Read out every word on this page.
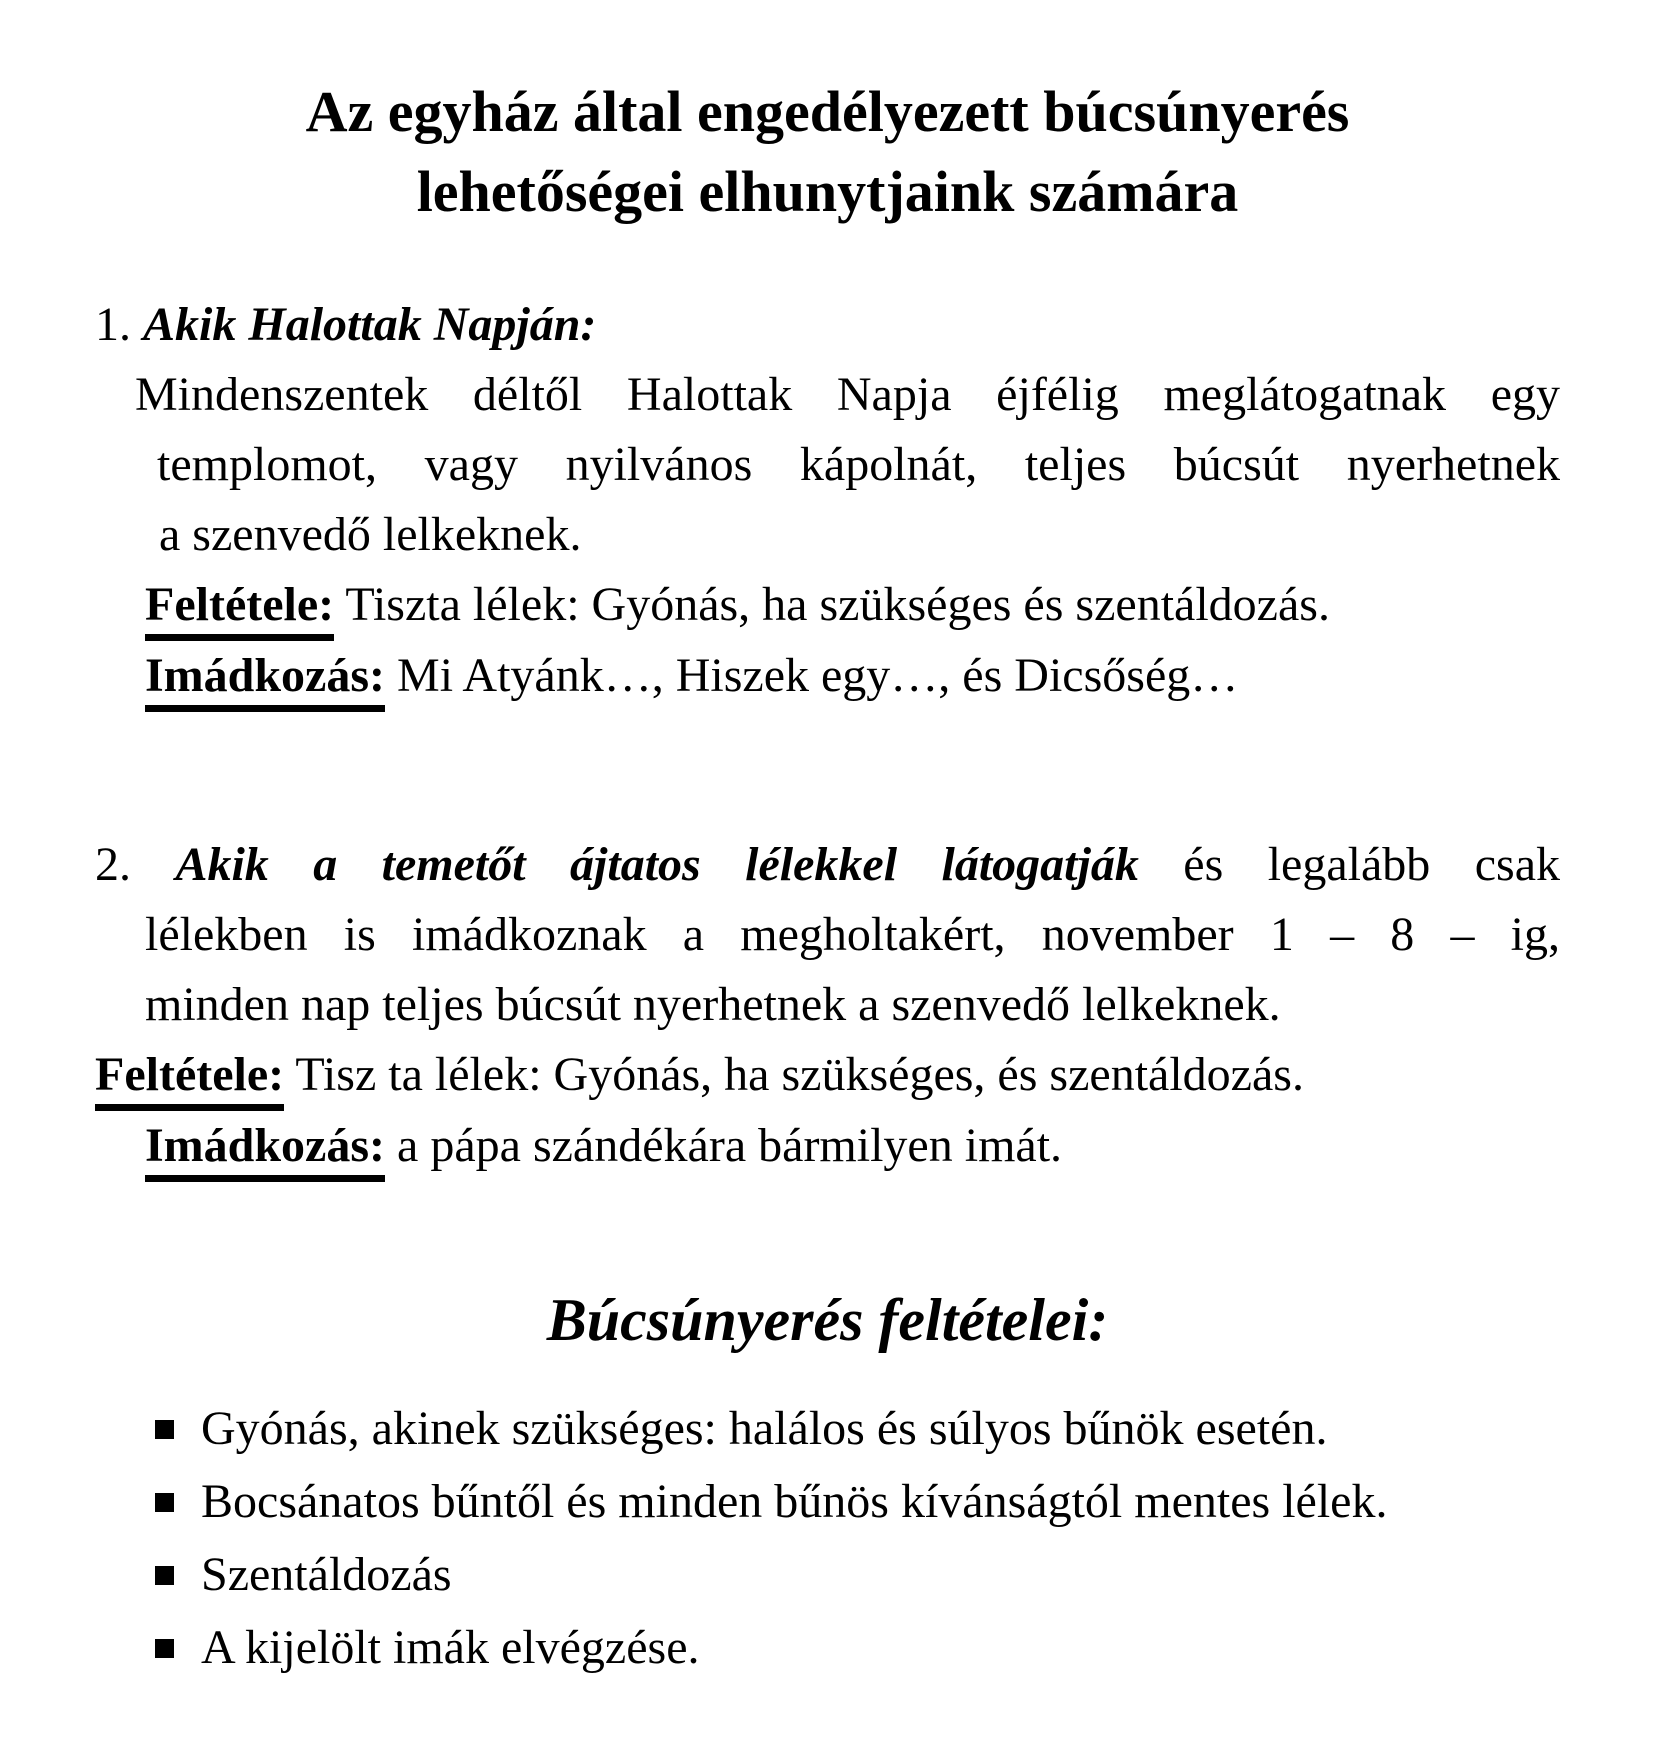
Az egyház által engedélyezett búcsúnyerés
lehetőségei elhunytjaink számára
1. Akik Halottak Napján:
Mindenszentek déltől Halottak Napja éjfélig meglátogatnak egy
templomot, vagy nyilvános kápolnát, teljes búcsút nyerhetnek
a szenvedő lelkeknek.
Feltétele: Tiszta lélek: Gyónás, ha szükséges és szentáldozás.
Imádkozás: Mi Atyánk…, Hiszek egy…, és Dicsőség…
2. Akik a temetőt ájtatos lélekkel látogatják és legalább csak
lélekben is imádkoznak a megholtakért, november 1 – 8 – ig,
minden nap teljes búcsút nyerhetnek a szenvedő lelkeknek.
Feltétele: Tisz ta lélek: Gyónás, ha szükséges, és szentáldozás.
Imádkozás: a pápa szándékára bármilyen imát.
Búcsúnyerés feltételei:
Gyónás, akinek szükséges: halálos és súlyos bűnök esetén.
Bocsánatos bűntől és minden bűnös kívánságtól mentes lélek.
Szentáldozás
A kijelölt imák elvégzése.
